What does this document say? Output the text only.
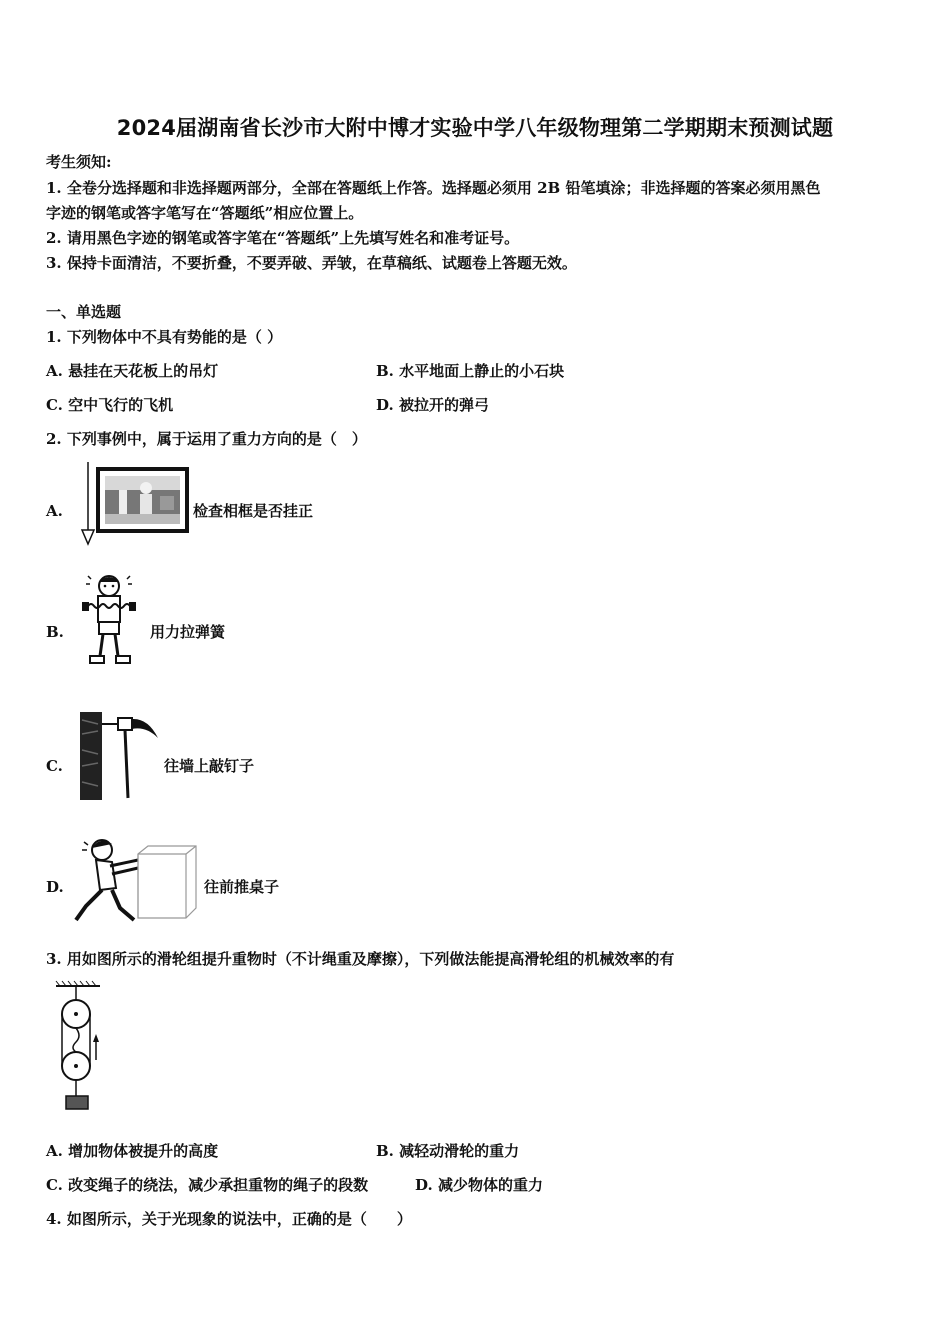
2024届湖南省长沙市大附中博才实验中学八年级物理第二学期期末预测试题
考生须知:
1. 全卷分选择题和非选择题两部分，全部在答题纸上作答。选择题必须用 2B 铅笔填涂；非选择题的答案必须用黑色
字迹的钢笔或答字笔写在“答题纸”相应位置上。
2. 请用黑色字迹的钢笔或答字笔在“答题纸”上先填写姓名和准考证号。
3. 保持卡面清洁，不要折叠，不要弄破、弄皱，在草稿纸、试题卷上答题无效。
一、单选题
1. 下列物体中不具有势能的是（ ）
A. 悬挂在天花板上的吊灯	B. 水平地面上静止的小石块
C. 空中飞行的飞机	D. 被拉开的弹弓
2. 下列事例中，属于运用了重力方向的是（　）
A.	检查相框是否挂正
B.	用力拉弹簧
C.	往墙上敲钉子
D.	往前推桌子
3. 用如图所示的滑轮组提升重物时（不计绳重及摩擦），下列做法能提高滑轮组的机械效率的有
A. 增加物体被提升的高度	B. 减轻动滑轮的重力
C. 改变绳子的绕法，减少承担重物的绳子的段数	D. 减少物体的重力
4. 如图所示，关于光现象的说法中，正确的是（　　）
